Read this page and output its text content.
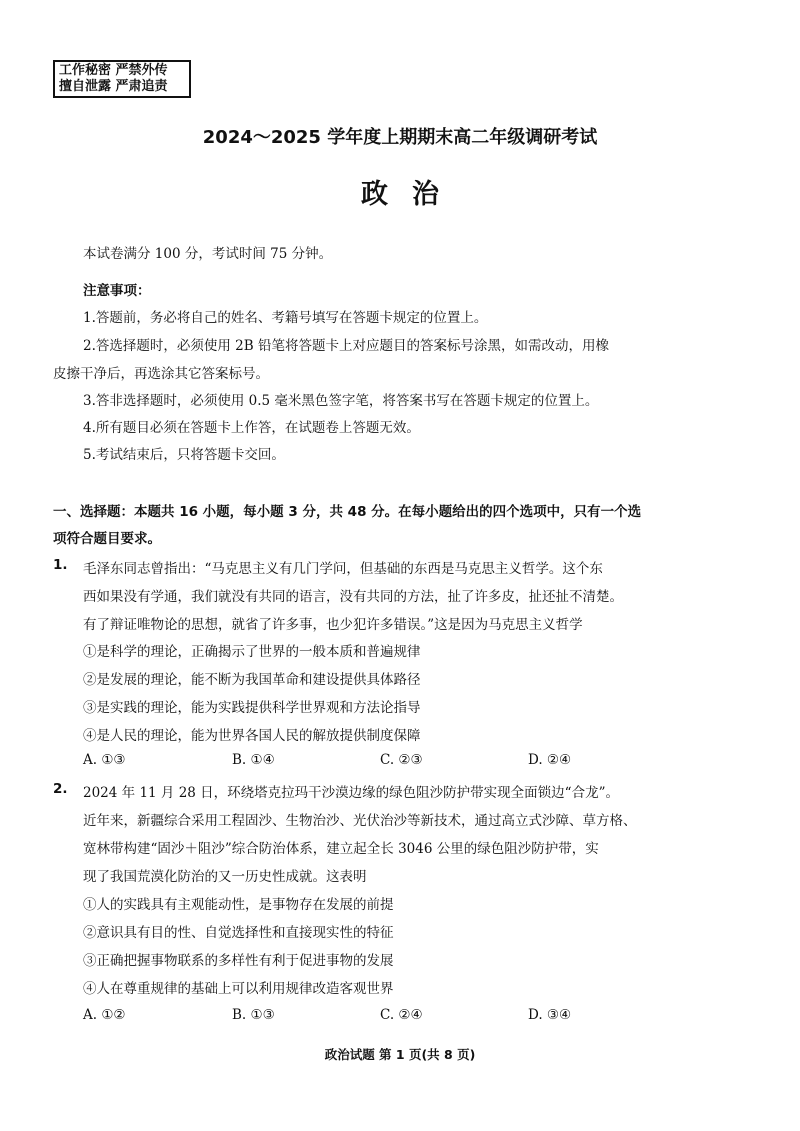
工作秘密 严禁外传
擅自泄露 严肃追责
2024～2025 学年度上期期末高二年级调研考试
政治
本试卷满分 100 分，考试时间 75 分钟。
注意事项：
1.答题前，务必将自己的姓名、考籍号填写在答题卡规定的位置上。
2.答选择题时，必须使用 2B 铅笔将答题卡上对应题目的答案标号涂黑，如需改动，用橡
皮擦干净后，再选涂其它答案标号。
3.答非选择题时，必须使用 0.5 毫米黑色签字笔，将答案书写在答题卡规定的位置上。
4.所有题目必须在答题卡上作答，在试题卷上答题无效。
5.考试结束后，只将答题卡交回。
一、选择题：本题共 16 小题，每小题 3 分，共 48 分。在每小题给出的四个选项中，只有一个选
项符合题目要求。
1. 毛泽东同志曾指出：“马克思主义有几门学问，但基础的东西是马克思主义哲学。这个东
西如果没有学通，我们就没有共同的语言，没有共同的方法，扯了许多皮，扯还扯不清楚。
有了辩证唯物论的思想，就省了许多事，也少犯许多错误。”这是因为马克思主义哲学
①是科学的理论，正确揭示了世界的一般本质和普遍规律
②是发展的理论，能不断为我国革命和建设提供具体路径
③是实践的理论，能为实践提供科学世界观和方法论指导
④是人民的理论，能为世界各国人民的解放提供制度保障
A. ①③	B. ①④	C. ②③	D. ②④
2. 2024 年 11 月 28 日，环绕塔克拉玛干沙漠边缘的绿色阻沙防护带实现全面锁边“合龙”。
近年来，新疆综合采用工程固沙、生物治沙、光伏治沙等新技术，通过高立式沙障、草方格、
宽林带构建“固沙＋阻沙”综合防治体系，建立起全长 3046 公里的绿色阻沙防护带，实
现了我国荒漠化防治的又一历史性成就。这表明
①人的实践具有主观能动性，是事物存在发展的前提
②意识具有目的性、自觉选择性和直接现实性的特征
③正确把握事物联系的多样性有利于促进事物的发展
④人在尊重规律的基础上可以利用规律改造客观世界
A. ①②	B. ①③	C. ②④	D. ③④
政治试题 第 1 页(共 8 页)
